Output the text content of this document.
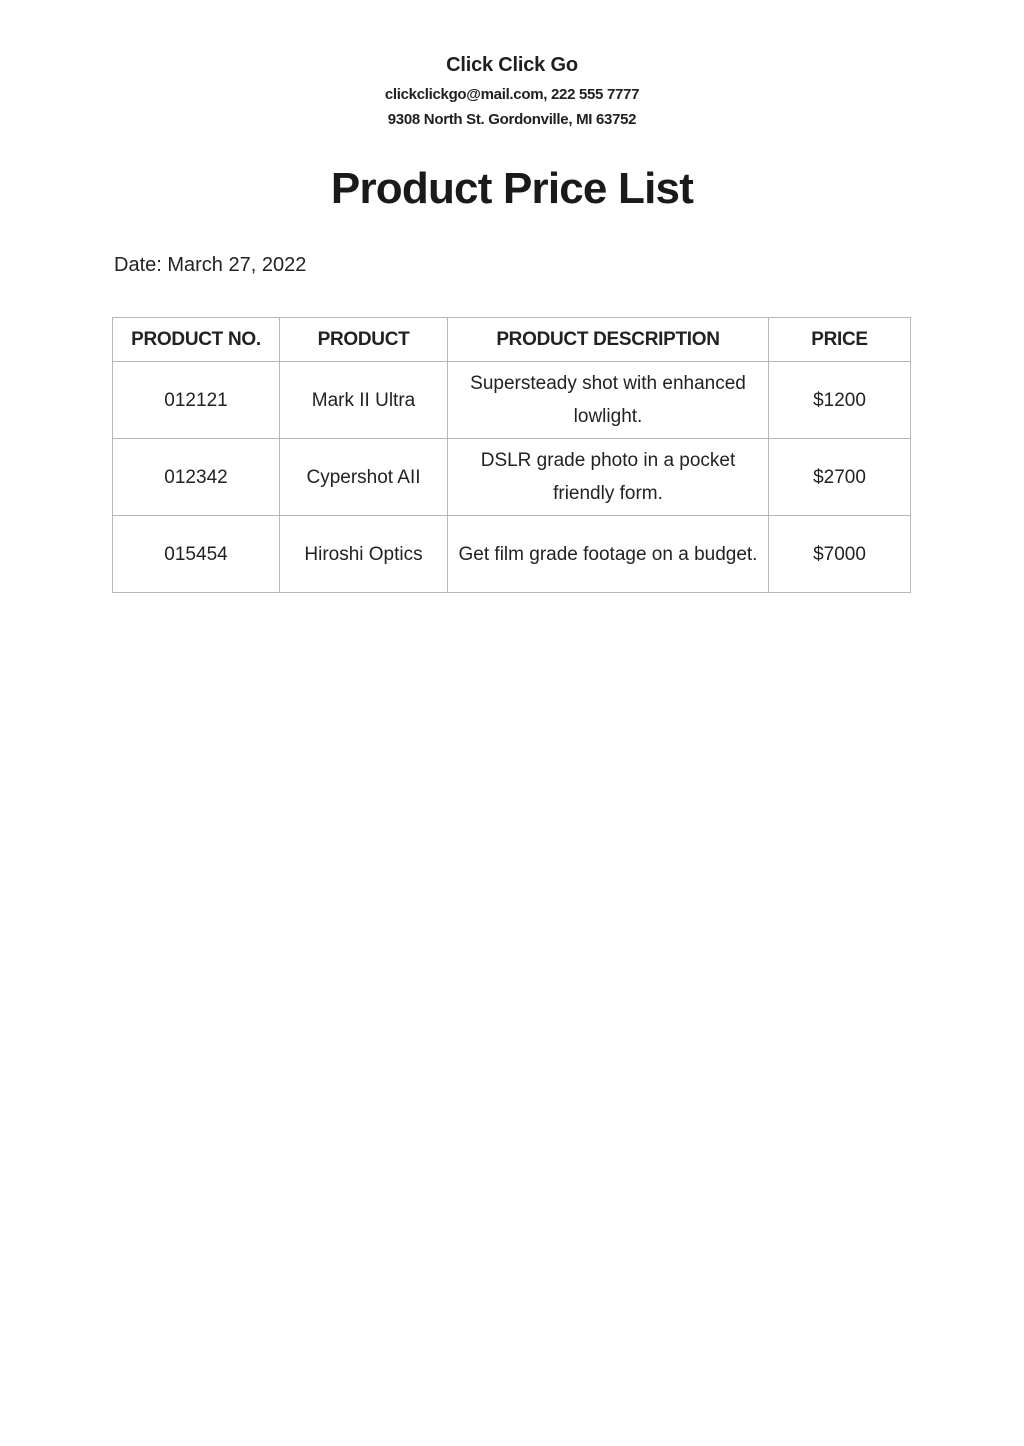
Click Click Go
clickclickgo@mail.com, 222 555 7777
9308 North St. Gordonville, MI 63752
Product Price List
Date: March 27, 2022
PRODUCT NO.	PRODUCT	PRODUCT DESCRIPTION	PRICE
012121	Mark II Ultra	Supersteady shot with enhanced lowlight.	$1200
012342	Cypershot AII	DSLR grade photo in a pocket friendly form.	$2700
015454	Hiroshi Optics	Get film grade footage on a budget.	$7000
